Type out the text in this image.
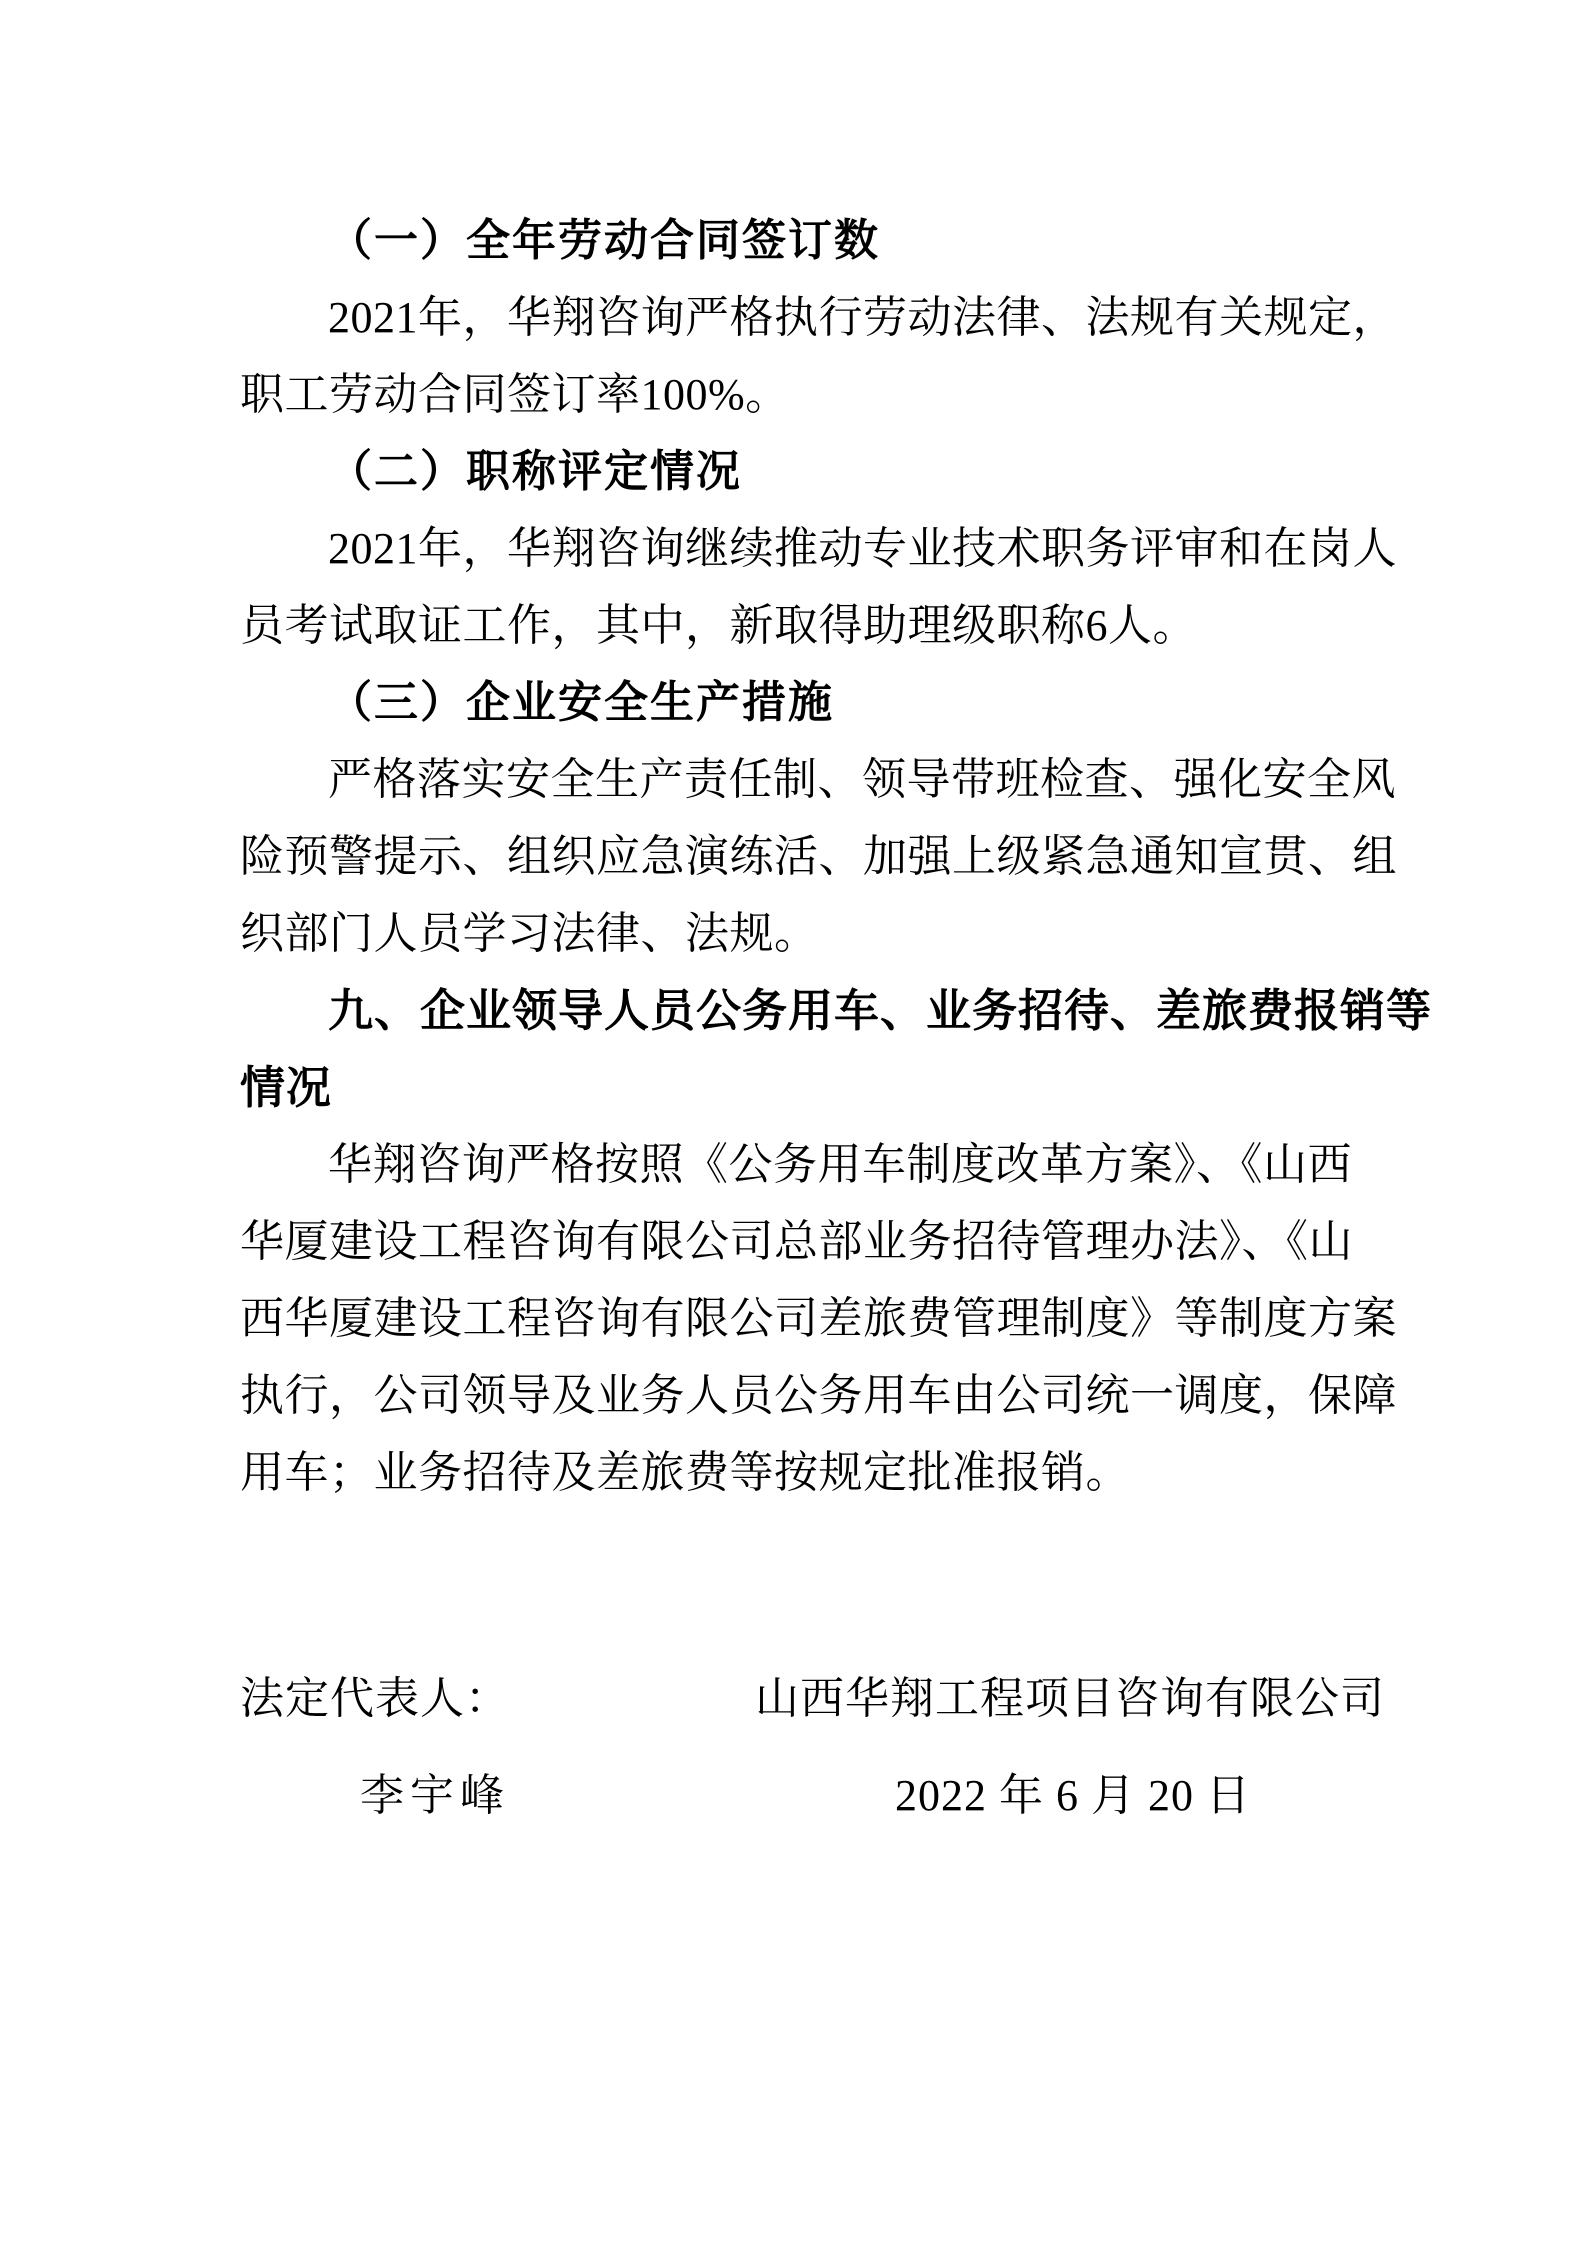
（一）全年劳动合同签订数
2021年，华翔咨询严格执行劳动法律、法规有关规定，
职工劳动合同签订率100%。
（二）职称评定情况
2021年，华翔咨询继续推动专业技术职务评审和在岗人
员考试取证工作，其中，新取得助理级职称6人。
（三）企业安全生产措施
严格落实安全生产责任制、领导带班检查、强化安全风
险预警提示、组织应急演练活、加强上级紧急通知宣贯、组
织部门人员学习法律、法规。
九、企业领导人员公务用车、业务招待、差旅费报销等
情况
华翔咨询严格按照《公务用车制度改革方案》、《山西
华厦建设工程咨询有限公司总部业务招待管理办法》、《山
西华厦建设工程咨询有限公司差旅费管理制度》等制度方案
执行，公司领导及业务人员公务用车由公司统一调度，保障
用车；业务招待及差旅费等按规定批准报销。

法定代表人：

	山西华翔工程项目咨询有限公司

李宇峰

	2022 年 6 月 20 日
